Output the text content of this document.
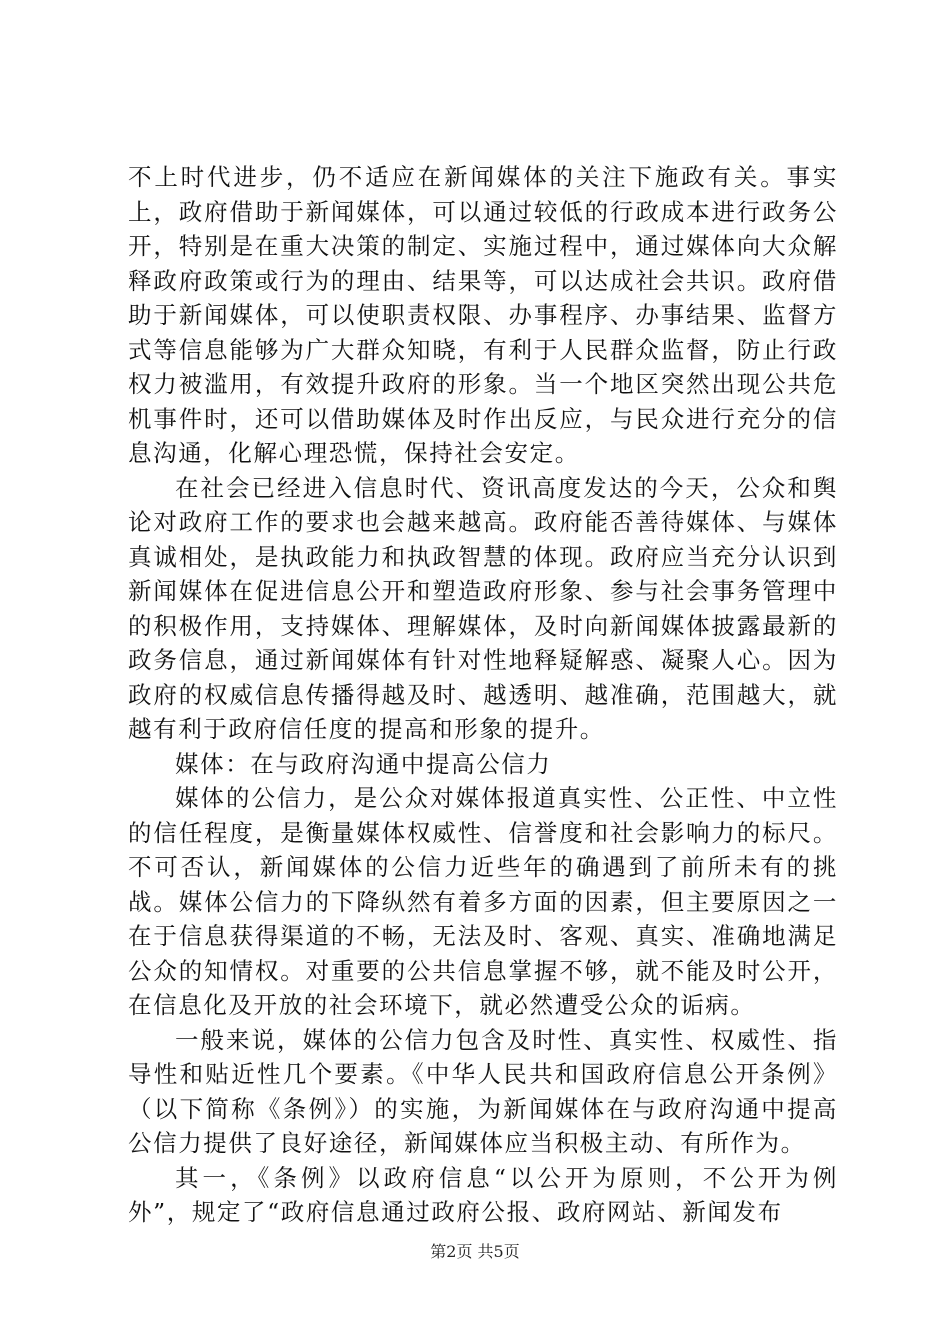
不上时代进步，仍不适应在新闻媒体的关注下施政有关。事实上，政府借助于新闻媒体，可以通过较低的行政成本进行政务公开，特别是在重大决策的制定、实施过程中，通过媒体向大众解释政府政策或行为的理由、结果等，可以达成社会共识。政府借助于新闻媒体，可以使职责权限、办事程序、办事结果、监督方式等信息能够为广大群众知晓，有利于人民群众监督，防止行政权力被滥用，有效提升政府的形象。当一个地区突然出现公共危机事件时，还可以借助媒体及时作出反应，与民众进行充分的信息沟通，化解心理恐慌，保持社会安定。

在社会已经进入信息时代、资讯高度发达的今天，公众和舆论对政府工作的要求也会越来越高。政府能否善待媒体、与媒体真诚相处，是执政能力和执政智慧的体现。政府应当充分认识到新闻媒体在促进信息公开和塑造政府形象、参与社会事务管理中的积极作用，支持媒体、理解媒体，及时向新闻媒体披露最新的政务信息，通过新闻媒体有针对性地释疑解惑、凝聚人心。因为政府的权威信息传播得越及时、越透明、越准确，范围越大，就越有利于政府信任度的提高和形象的提升。

媒体：在与政府沟通中提高公信力

媒体的公信力，是公众对媒体报道真实性、公正性、中立性的信任程度，是衡量媒体权威性、信誉度和社会影响力的标尺。不可否认，新闻媒体的公信力近些年的确遇到了前所未有的挑战。媒体公信力的下降纵然有着多方面的因素，但主要原因之一在于信息获得渠道的不畅，无法及时、客观、真实、准确地满足公众的知情权。对重要的公共信息掌握不够，就不能及时公开，在信息化及开放的社会环境下，就必然遭受公众的诟病。

一般来说，媒体的公信力包含及时性、真实性、权威性、指导性和贴近性几个要素。《中华人民共和国政府信息公开条例》（以下简称《条例》）的实施，为新闻媒体在与政府沟通中提高公信力提供了良好途径，新闻媒体应当积极主动、有所作为。

其一，《条例》以政府信息“以公开为原则，不公开为例外”，规定了“政府信息通过政府公报、政府网站、新闻发布

第2页 共5页
